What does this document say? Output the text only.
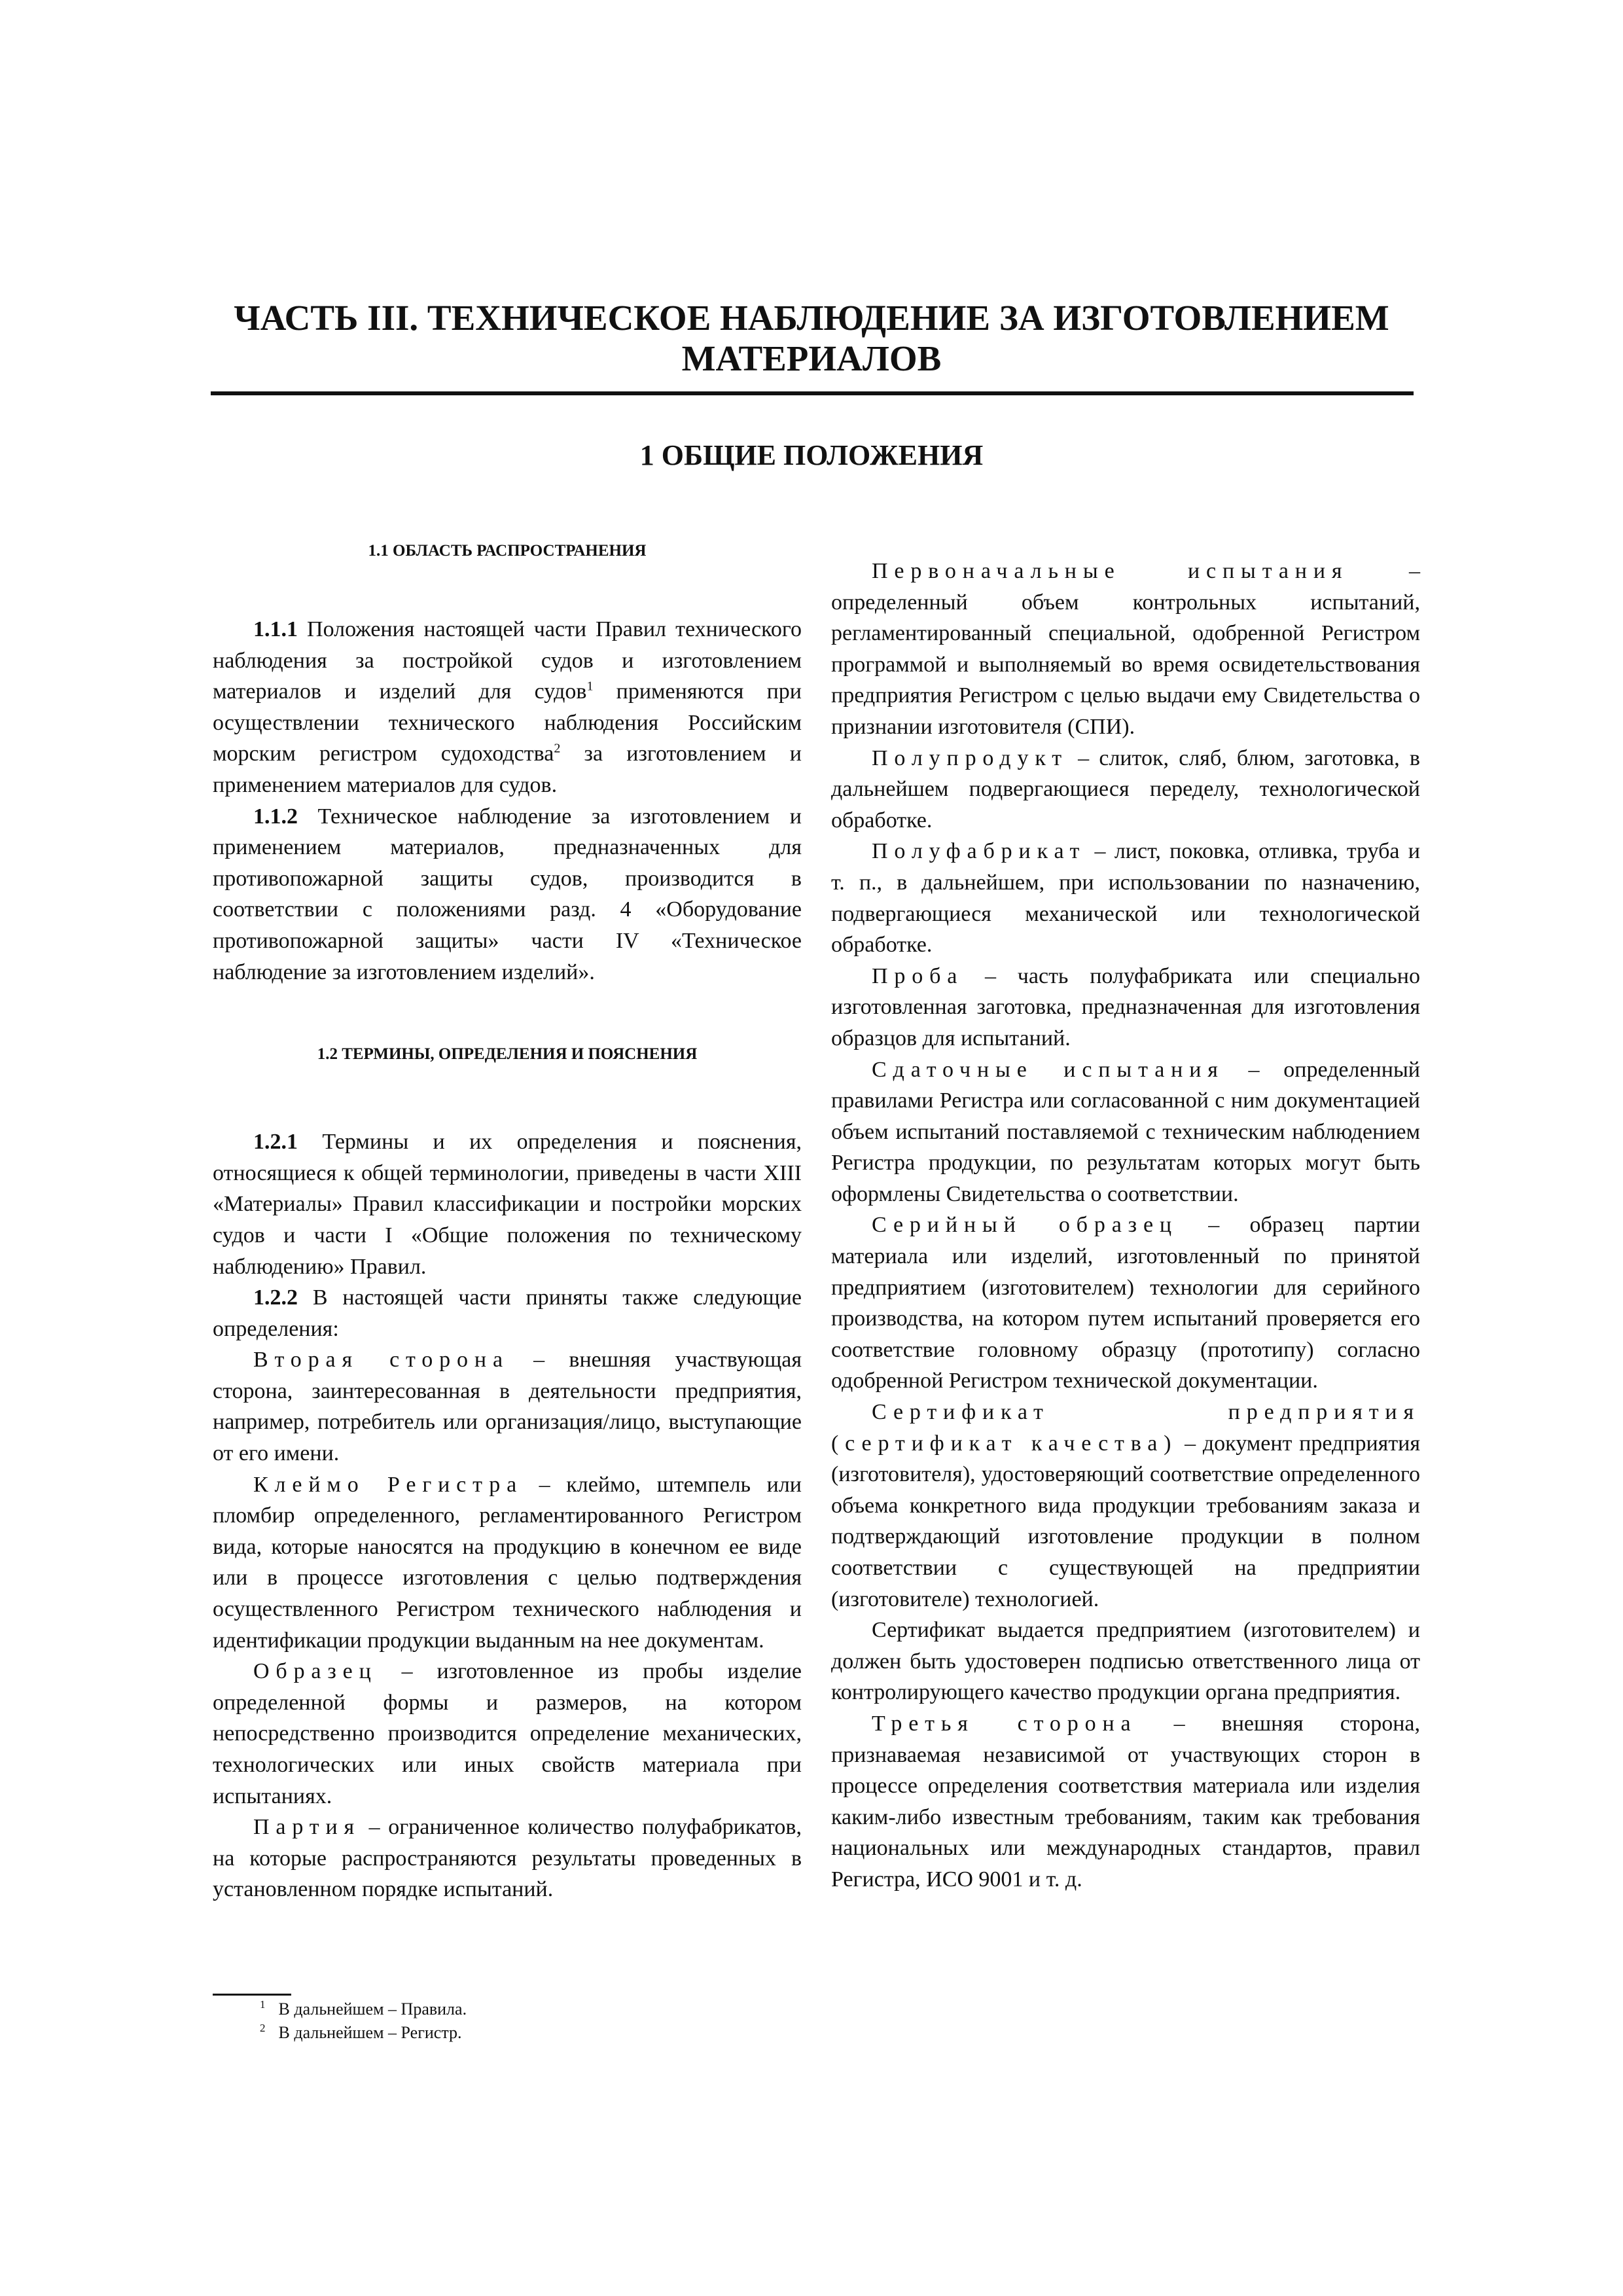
ЧАСТЬ III. ТЕХНИЧЕСКОЕ НАБЛЮДЕНИЕ ЗА ИЗГОТОВЛЕНИЕМ
МАТЕРИАЛОВ
1 ОБЩИЕ ПОЛОЖЕНИЯ
1.1 ОБЛАСТЬ РАСПРОСТРАНЕНИЯ

1.1.1 Положения настоящей части Правил технического наблюдения за постройкой судов и изготовлением материалов и изделий для судов$^1$ применяются при осуществлении технического наблюдения Российским морским регистром судоходства$^2$ за изготовлением и применением материалов для судов.

1.1.2 Техническое наблюдение за изготовлением и применением материалов, предназначенных для противопожарной защиты судов, производится в соответствии с положениями разд. 4 «Оборудование противопожарной защиты» части IV «Техническое наблюдение за изготовлением изделий».

1.2 ТЕРМИНЫ, ОПРЕДЕЛЕНИЯ И ПОЯСНЕНИЯ

1.2.1 Термины и их определения и пояснения, относящиеся к общей терминологии, приведены в части XIII «Материалы» Правил классификации и постройки морских судов и части I «Общие положения по техническому наблюдению» Правил.

1.2.2 В настоящей части приняты также следующие определения:

Вторая сторона – внешняя участвующая сторона, заинтересованная в деятельности предприятия, например, потребитель или организация/лицо, выступающие от его имени.

Клеймо Регистра – клеймо, штемпель или пломбир определенного, регламентированного Регистром вида, которые наносятся на продукцию в конечном ее виде или в процессе изготовления с целью подтверждения осуществленного Регистром технического наблюдения и идентификации продукции выданным на нее документам.

Образец – изготовленное из пробы изделие определенной формы и размеров, на котором непосредственно производится определение механических, технологических или иных свойств материала при испытаниях.

Партия – ограниченное количество полуфабрикатов, на которые распространяются результаты проведенных в установленном порядке испытаний.

Первоначальные испытания – определенный объем контрольных испытаний, регламентированный специальной, одобренной Регистром программой и выполняемый во время освидетельствования предприятия Регистром с целью выдачи ему Свидетельства о признании изготовителя (СПИ).

Полупродукт – слиток, сляб, блюм, заготовка, в дальнейшем подвергающиеся переделу, технологической обработке.

Полуфабрикат – лист, поковка, отливка, труба и т. п., в дальнейшем, при использовании по назначению, подвергающиеся механической или технологической обработке.

Проба – часть полуфабриката или специально изготовленная заготовка, предназначенная для изготовления образцов для испытаний.

Сдаточные испытания – определенный правилами Регистра или согласованной с ним документацией объем испытаний поставляемой с техническим наблюдением Регистра продукции, по результатам которых могут быть оформлены Свидетельства о соответствии.

Серийный образец – образец партии материала или изделий, изготовленный по принятой предприятием (изготовителем) технологии для серийного производства, на котором путем испытаний проверяется его соответствие головному образцу (прототипу) согласно одобренной Регистром технической документации.

Сертификат предприятия (сертификат качества) – документ предприятия (изготовителя), удостоверяющий соответствие определенного объема конкретного вида продукции требованиям заказа и подтверждающий изготовление продукции в полном соответствии с существующей на предприятии (изготовителе) технологией.

Сертификат выдается предприятием (изготовителем) и должен быть удостоверен подписью ответственного лица от контролирующего качество продукции органа предприятия.

Третья сторона – внешняя сторона, признаваемая независимой от участвующих сторон в процессе определения соответствия материала или изделия каким-либо известным требованиям, таким как требования национальных или международных стандартов, правил Регистра, ИСО 9001 и т. д.

$^1$ В дальнейшем – Правила.
$^2$ В дальнейшем – Регистр.
